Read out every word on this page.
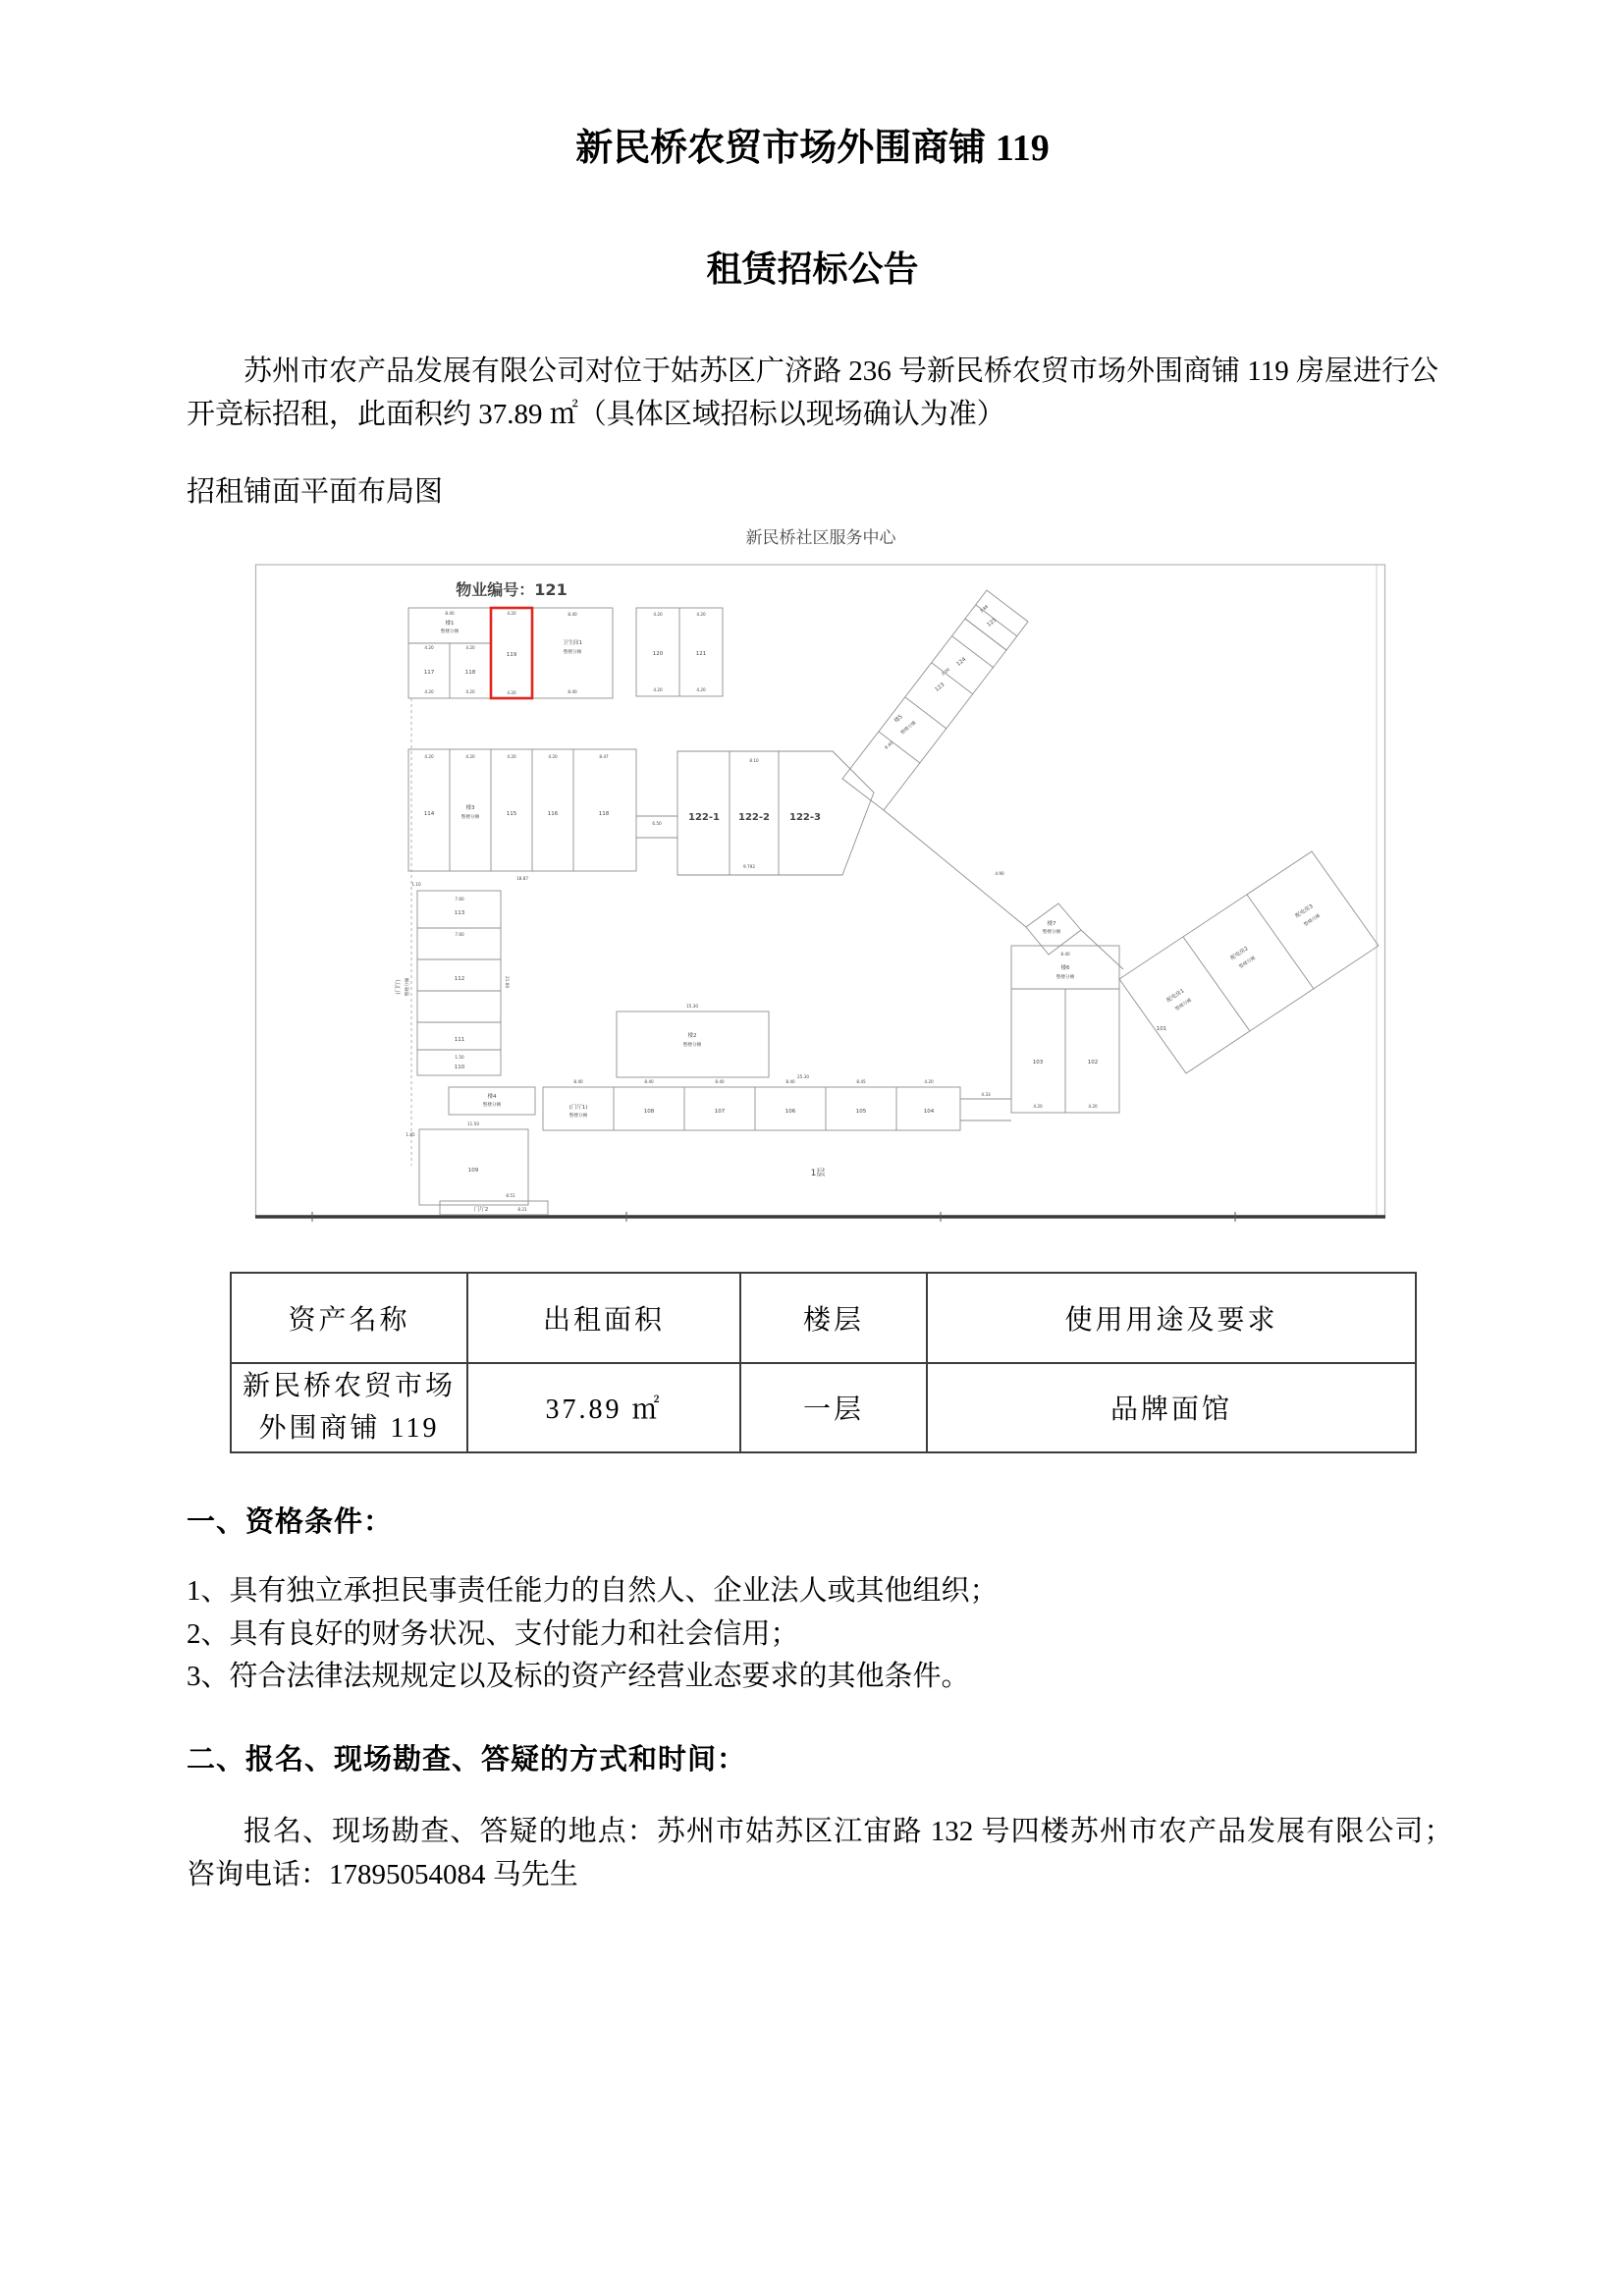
新民桥农贸市场外围商铺 119
租赁招标公告

苏州市农产品发展有限公司对位于姑苏区广济路 236 号新民桥农贸市场外围商铺 119 房屋进行公开竞标招租，此面积约 37.89 ㎡（具体区域招标以现场确认为准）

招租铺面平面布局图

新民桥社区服务中心
物业编号：121
楼1
整楼分摊
117	118
119
卫生间1
整楼分摊	120	121
114
楼3
整楼分摊
115	116	118	122-1 122-2 122-3
楼5
整楼分摊
123
124
125
楼7
整楼分摊
楼6
整楼分摊
103	102
配电房1
整楼分摊
配电房2
整楼分摊
配电房3
整楼分摊
101
楼2
整楼分摊
(门厅1)
整楼分摊
108	107	106	105	104
113
112
111
110
(门厅) 整楼分摊
楼4
整楼分摊
109
门厅2
1层
8.40	4.20	8.40
4.20	4.20
4.20	4.20	4.20	8.40
4.20	4.20
4.20	4.20
4.20	4.20	4.20	4.20	8.47
18.87
6.50
8.10
9.792
8.40
3.88
8.40
4.20	4.20
8.40	8.40	8.40	8.40	8.45	4.20
25.30
4.33
1.50
7.60
7.60
21.00
11.50
8.51
15.30
1.10
2.00
8.21
1.85
4.90
资产名称	出租面积	楼层	使用用途及要求

新民桥农贸市场
外围商铺 119	37.89 ㎡	一层	品牌面馆

一、资格条件：

1、具有独立承担民事责任能力的自然人、企业法人或其他组织；

2、具有良好的财务状况、支付能力和社会信用；

3、符合法律法规规定以及标的资产经营业态要求的其他条件。

二、报名、现场勘查、答疑的方式和时间：

报名、现场勘查、答疑的地点：苏州市姑苏区江宙路 132 号四楼苏州市农产品发展有限公司；　咨询电话：17895054084 马先生
